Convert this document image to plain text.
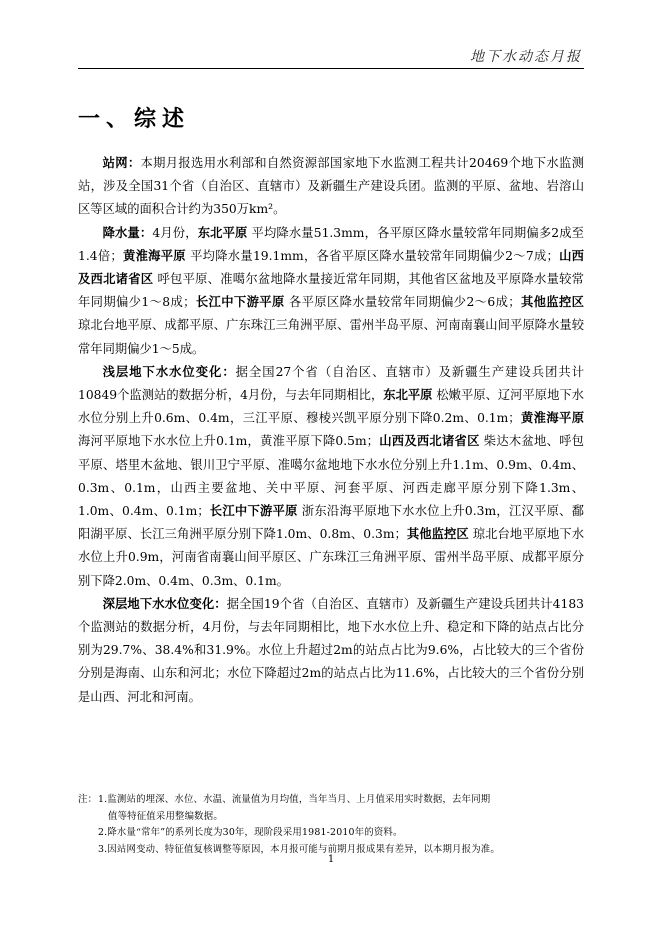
地下水动态月报
一、综述

站网：本期月报选用水利部和自然资源部国家地下水监测工程共计20469个地下水监测站，涉及全国31个省（自治区、直辖市）及新疆生产建设兵团。监测的平原、盆地、岩溶山区等区域的面积合计约为350万km²。

降水量：4月份，东北平原 平均降水量51.3mm，各平原区降水量较常年同期偏多2成至1.4倍；黄淮海平原 平均降水量19.1mm，各省平原区降水量较常年同期偏少2～7成；山西及西北诸省区 呼包平原、准噶尔盆地降水量接近常年同期，其他省区盆地及平原降水量较常年同期偏少1～8成；长江中下游平原 各平原区降水量较常年同期偏少2～6成；其他监控区 琼北台地平原、成都平原、广东珠江三角洲平原、雷州半岛平原、河南南襄山间平原降水量较常年同期偏少1～5成。

浅层地下水水位变化：据全国27个省（自治区、直辖市）及新疆生产建设兵团共计10849个监测站的数据分析，4月份，与去年同期相比，东北平原 松嫩平原、辽河平原地下水水位分别上升0.6m、0.4m，三江平原、穆棱兴凯平原分别下降0.2m、0.1m；黄淮海平原 海河平原地下水水位上升0.1m，黄淮平原下降0.5m；山西及西北诸省区 柴达木盆地、呼包平原、塔里木盆地、银川卫宁平原、准噶尔盆地地下水水位分别上升1.1m、0.9m、0.4m、0.3m、0.1m，山西主要盆地、关中平原、河套平原、河西走廊平原分别下降1.3m、1.0m、0.4m、0.1m；长江中下游平原 浙东沿海平原地下水水位上升0.3m，江汉平原、鄱阳湖平原、长江三角洲平原分别下降1.0m、0.8m、0.3m；其他监控区 琼北台地平原地下水水位上升0.9m，河南省南襄山间平原区、广东珠江三角洲平原、雷州半岛平原、成都平原分别下降2.0m、0.4m、0.3m、0.1m。

深层地下水水位变化：据全国19个省（自治区、直辖市）及新疆生产建设兵团共计4183个监测站的数据分析，4月份，与去年同期相比，地下水水位上升、稳定和下降的站点占比分别为29.7%、38.4%和31.9%。水位上升超过2m的站点占比为9.6%，占比较大的三个省份分别是海南、山东和河北；水位下降超过2m的站点占比为11.6%，占比较大的三个省份分别是山西、河北和河南。

注： 1.监测站的埋深、水位、水温、流量值为月均值，当年当月、上月值采用实时数据，去年同期
值等特征值采用整编数据。
2.降水量“常年”的系列长度为30年，现阶段采用1981-2010年的资料。
3.因站网变动、特征值复核调整等原因，本月报可能与前期月报成果有差异，以本期月报为准。
1
